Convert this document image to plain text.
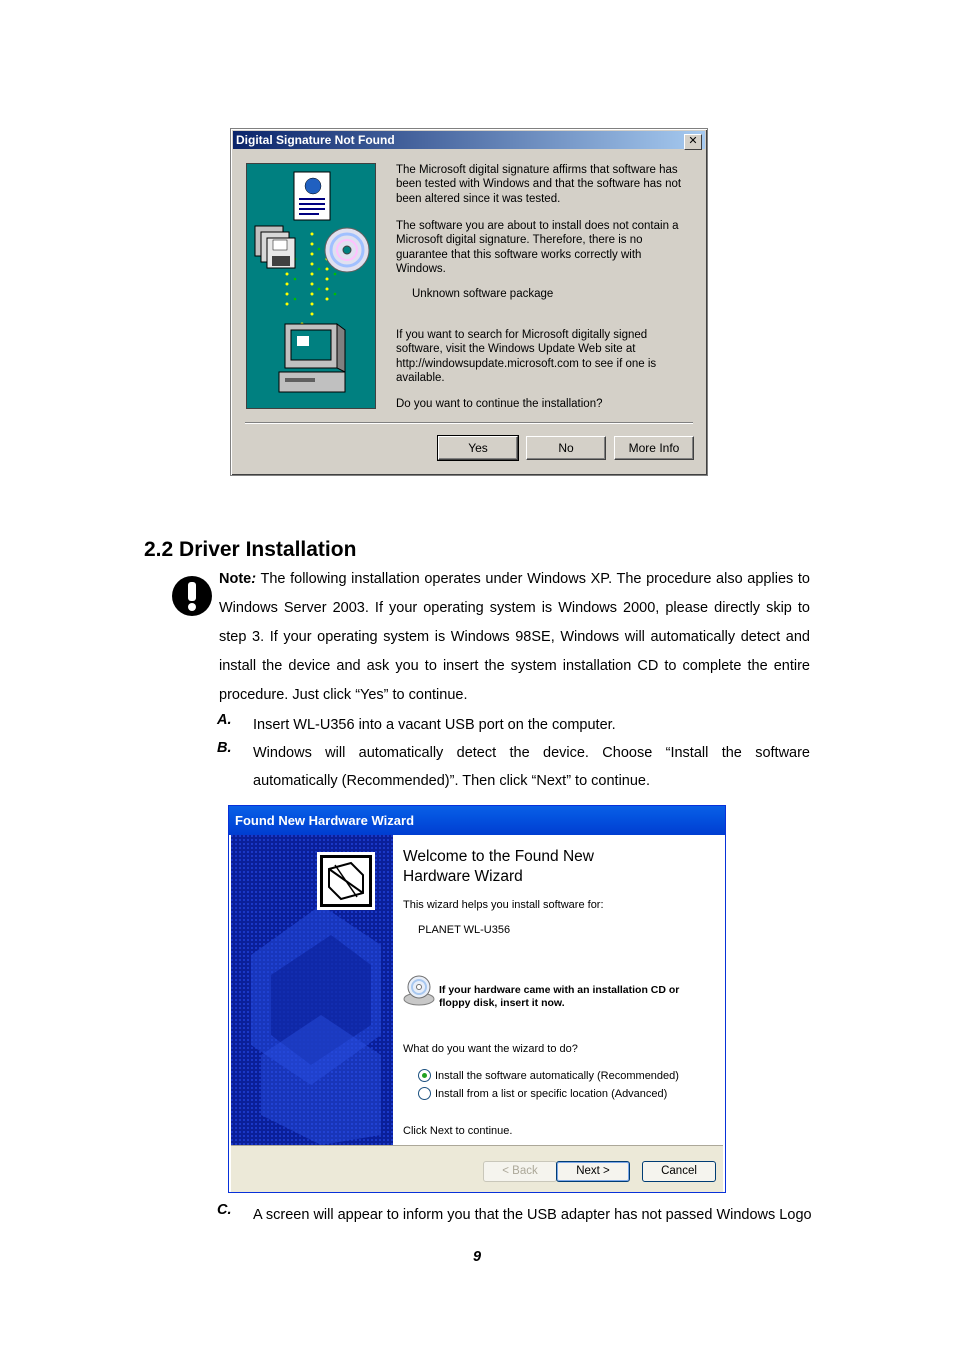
Digital Signature Not Found	✕
The Microsoft digital signature affirms that software has been tested with Windows and that the software has not been altered since it was tested.
The software you are about to install does not contain a Microsoft digital signature. Therefore, there is no guarantee that this software works correctly with Windows.
Unknown software package
If you want to search for Microsoft digitally signed software, visit the Windows Update Web site at http://windowsupdate.microsoft.com to see if one is available.
Do you want to continue the installation?
Yes	No	More Info
2.2 Driver Installation
Note: The following installation operates under Windows XP. The procedure also applies to Windows Server 2003. If your operating system is Windows 2000, please directly skip to step 3. If your operating system is Windows 98SE, Windows will automatically detect and install the device and ask you to insert the system installation CD to complete the entire procedure. Just click “Yes” to continue.
A. Insert WL-U356 into a vacant USB port on the computer.
B. Windows will automatically detect the device. Choose “Install the software automatically (Recommended)”. Then click “Next” to continue.
Found New Hardware Wizard
Welcome to the Found New Hardware Wizard
This wizard helps you install software for:
PLANET WL-U356
If your hardware came with an installation CD or floppy disk, insert it now.
What do you want the wizard to do?
Install the software automatically (Recommended)
Install from a list or specific location (Advanced)
Click Next to continue.
< Back	Next >	Cancel
C. A screen will appear to inform you that the USB adapter has not passed Windows Logo
9
